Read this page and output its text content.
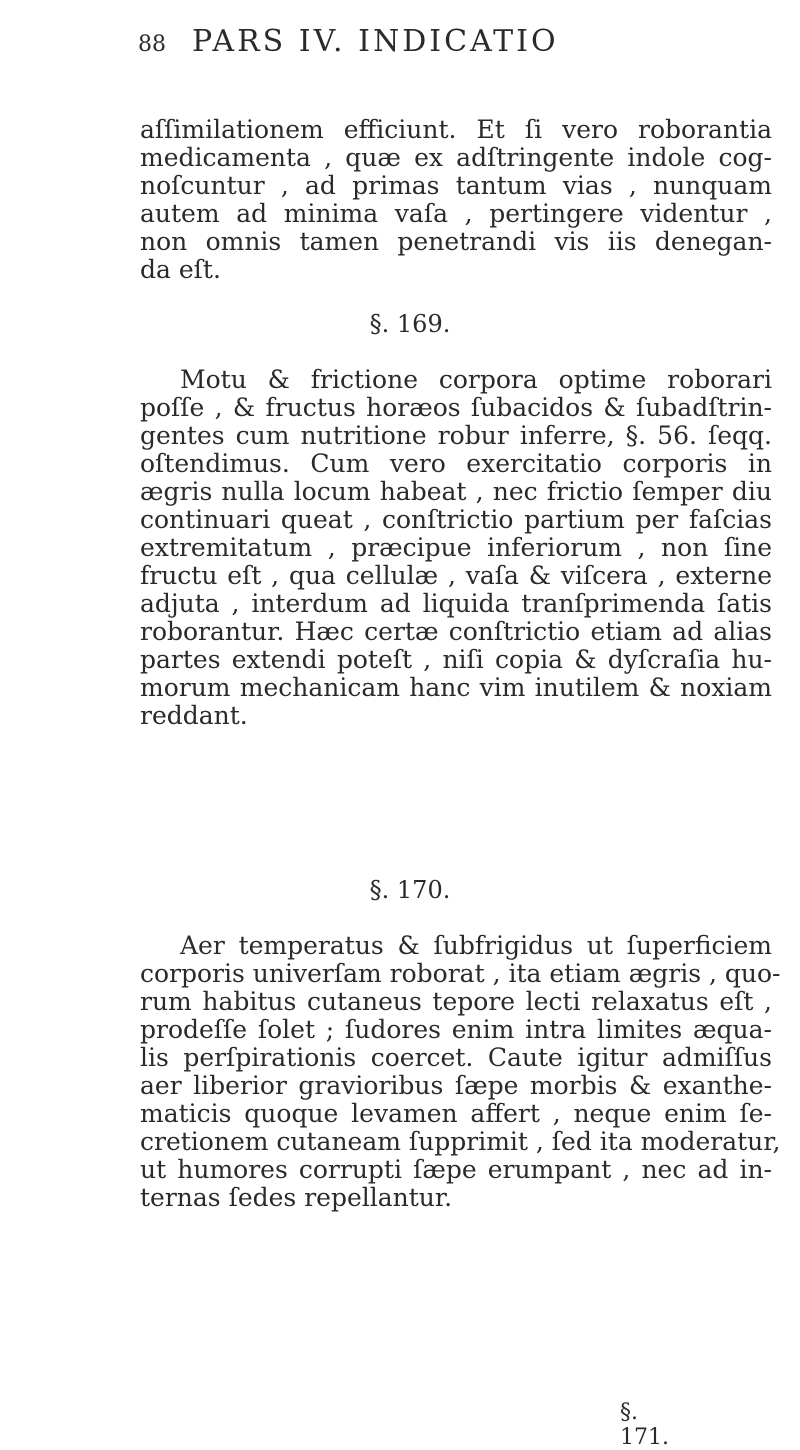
88 PARS IV. INDICATIO
aſſimilationem efficiunt. Et ſi vero roborantia
medicamenta , quæ ex adſtringente indole cog-
noſcuntur , ad primas tantum vias , nunquam
autem ad minima vaſa , pertingere videntur ,
non omnis tamen penetrandi vis iis denegan-
da eſt.
§. 169.
Motu & frictione corpora optime roborari
poſſe , & fructus horæos ſubacidos & ſubadſtrin-
gentes cum nutritione robur inferre, §. 56. ſeqq.
oſtendimus. Cum vero exercitatio corporis in
ægris nulla locum habeat , nec frictio ſemper diu
continuari queat , conſtrictio partium per faſcias
extremitatum , præcipue inferiorum , non ſine
fructu eſt , qua cellulæ , vaſa & viſcera , externe
adjuta , interdum ad liquida tranſprimenda ſatis
roborantur. Hæc certæ conſtrictio etiam ad alias
partes extendi poteſt , niſi copia & dyſcraſia hu-
morum mechanicam hanc vim inutilem & noxiam
reddant.
§. 170.
Aer temperatus & ſubfrigidus ut ſuperficiem
corporis univerſam roborat , ita etiam ægris , quo-
rum habitus cutaneus tepore lecti relaxatus eſt ,
prodeſſe ſolet ; ſudores enim intra limites æqua-
lis perſpirationis coercet. Caute igitur admiſſus
aer liberior gravioribus ſæpe morbis & exanthe-
maticis quoque levamen affert , neque enim ſe-
cretionem cutaneam ſupprimit , ſed ita moderatur,
ut humores corrupti ſæpe erumpant , nec ad in-
ternas ſedes repellantur.
§. 171.
